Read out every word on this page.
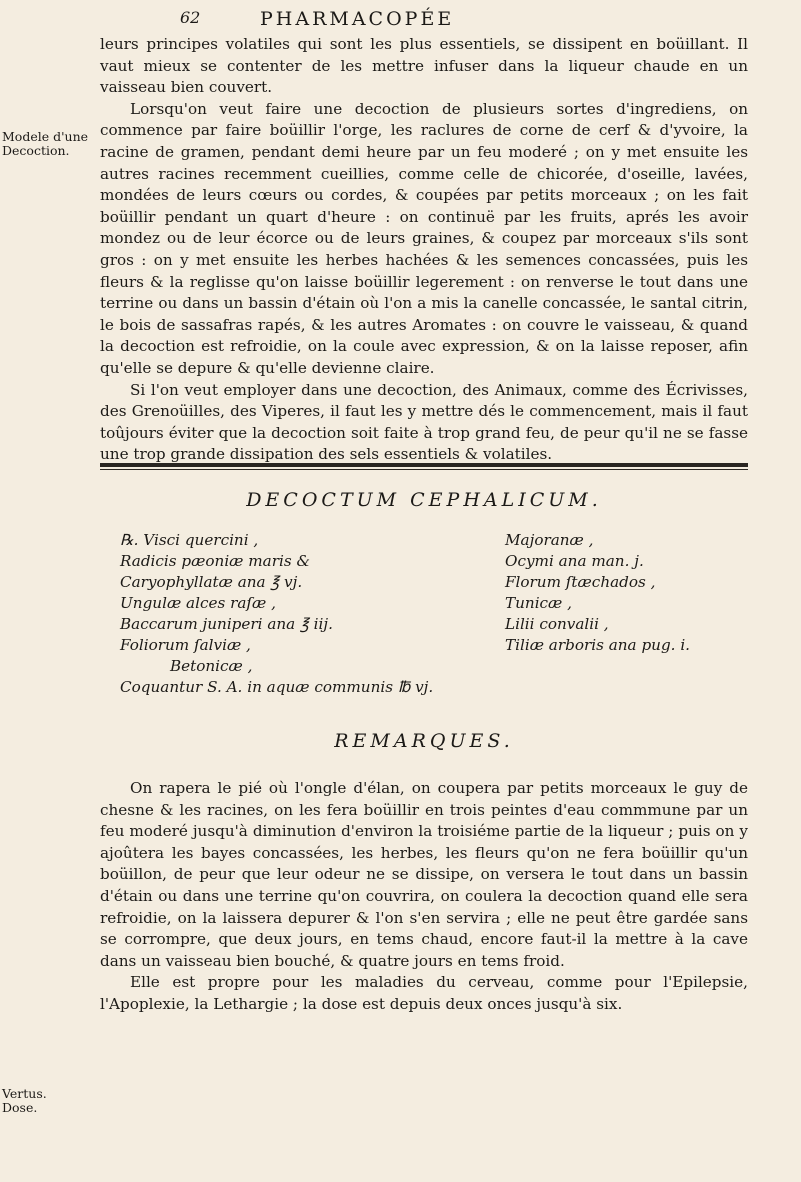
62	PHARMACOPÉE
Modele d'une
Decoction.
Vertus.
Dose.

leurs principes volatiles qui sont les plus essentiels, se dissipent en boüillant. Il vaut mieux se contenter de les mettre infuser dans la liqueur chaude en un vaisseau bien couvert.

Lorsqu'on veut faire une decoction de plusieurs sortes d'ingrediens, on commence par faire boüillir l'orge, les raclures de corne de cerf & d'yvoire, la racine de gramen, pendant demi heure par un feu moderé ; on y met ensuite les autres racines recemment cueillies, comme celle de chicorée, d'oseille, lavées, mondées de leurs cœurs ou cordes, & coupées par petits morceaux ; on les fait boüillir pendant un quart d'heure : on continuë par les fruits, aprés les avoir mondez ou de leur écorce ou de leurs graines, & coupez par morceaux s'ils sont gros : on y met ensuite les herbes hachées & les semences concassées, puis les fleurs & la reglisse qu'on laisse boüillir legerement : on renverse le tout dans une terrine ou dans un bassin d'étain où l'on a mis la canelle concassée, le santal citrin, le bois de sassafras rapés, & les autres Aromates : on couvre le vaisseau, & quand la decoction est refroidie, on la coule avec expression, & on la laisse reposer, afin qu'elle se depure & qu'elle devienne claire.

Si l'on veut employer dans une decoction, des Animaux, comme des Écrivisses, des Grenoüilles, des Viperes, il faut les y mettre dés le commencement, mais il faut toûjours éviter que la decoction soit faite à trop grand feu, de peur qu'il ne se fasse une trop grande dissipation des sels essentiels & volatiles.

DECOCTUM CEPHALICUM.
℞. Visci quercini ,	Majoranæ ,
Radicis pæoniæ maris &	Ocymi ana man. j.
Caryophyllatæ ana ℥ vj.	Florum ſtæchados ,
Ungulæ alces raſæ ,	Tunicæ ,
Baccarum juniperi ana ℥ iij.	Lilii convalii ,
Foliorum ſalviæ ,	Tiliæ arboris ana pug. i.
Betonicæ ,
Coquantur S. A. in aquæ communis ℔ vj.
REMARQUES.

On rapera le pié où l'ongle d'élan, on coupera par petits morceaux le guy de chesne & les racines, on les fera boüillir en trois peintes d'eau commmune par un feu moderé jusqu'à diminution d'environ la troisiéme partie de la liqueur ; puis on y ajoûtera les bayes concassées, les herbes, les fleurs qu'on ne fera boüillir qu'un boüillon, de peur que leur odeur ne se dissipe, on versera le tout dans un bassin d'étain ou dans une terrine qu'on couvrira, on coulera la decoction quand elle sera refroidie, on la laissera depurer & l'on s'en servira ; elle ne peut être gardée sans se corrompre, que deux jours, en tems chaud, encore faut-il la mettre à la cave dans un vaisseau bien bouché, & quatre jours en tems froid.

Elle est propre pour les maladies du cerveau, comme pour l'Epilepsie, l'Apoplexie, la Lethargie ; la dose est depuis deux onces jusqu'à six.
